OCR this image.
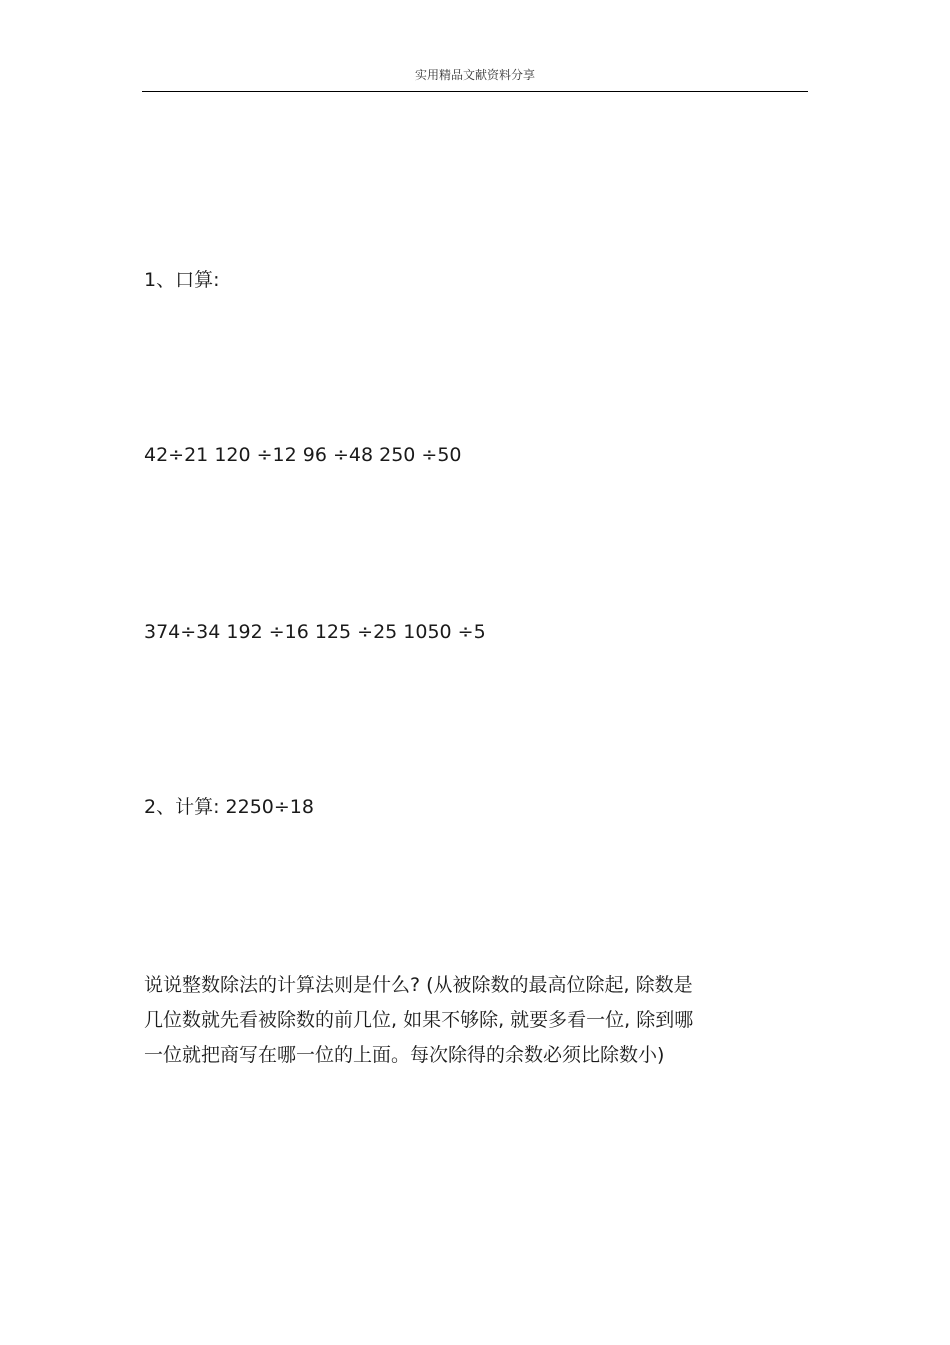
实用精品文献资料分享
1、口算:
42÷21 120 ÷12 96 ÷48 250 ÷50
374÷34 192 ÷16 125 ÷25 1050 ÷5
2、计算: 2250÷18

说说整数除法的计算法则是什么? (从被除数的最高位除起, 除数是

几位数就先看被除数的前几位, 如果不够除, 就要多看一位, 除到哪

一位就把商写在哪一位的上面。每次除得的余数必须比除数小)
